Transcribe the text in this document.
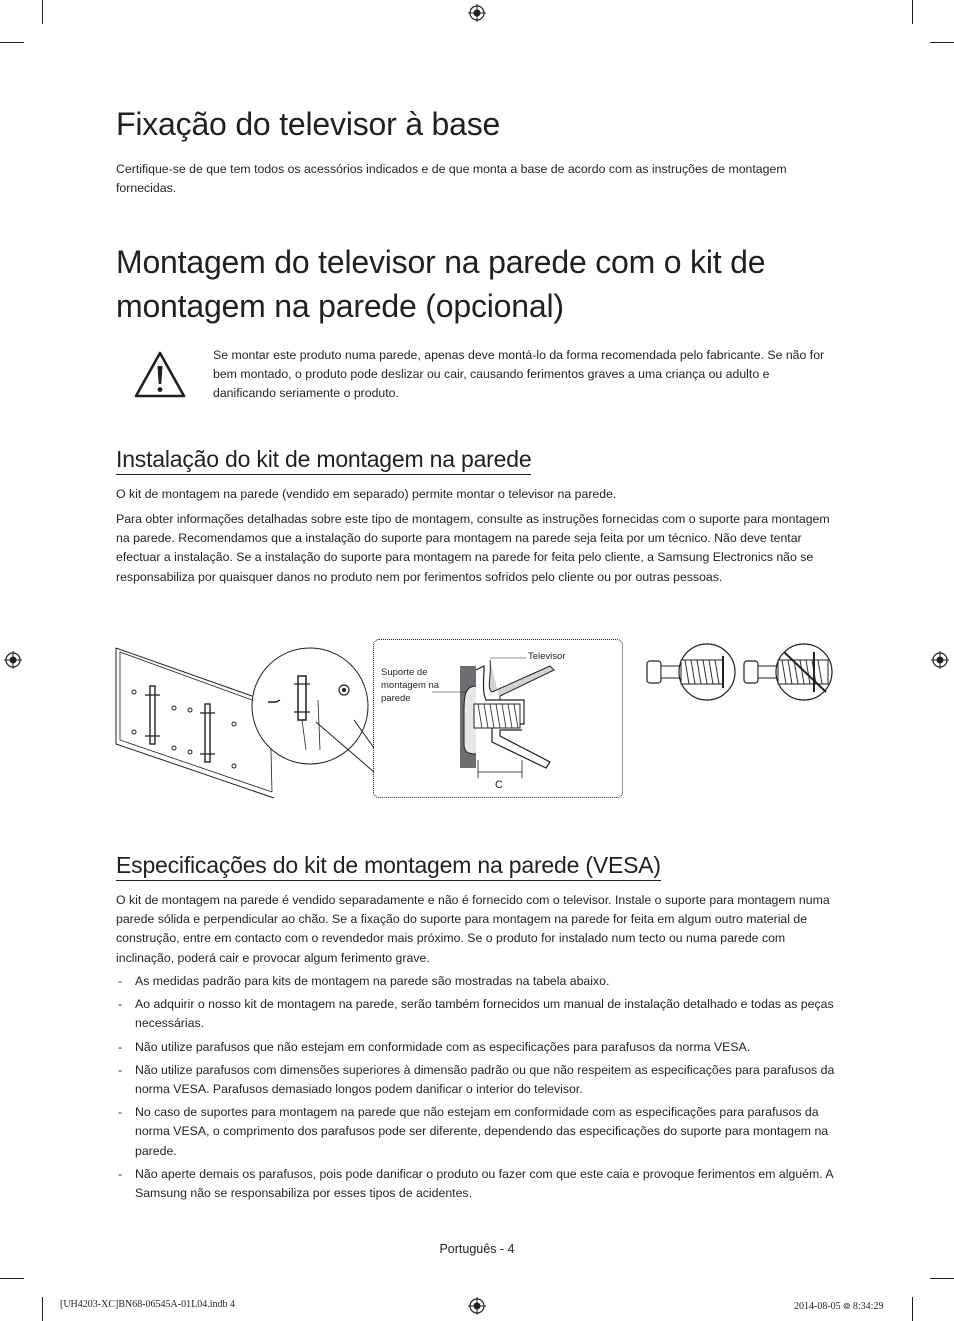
Fixação do televisor à base

Certifique-se de que tem todos os acessórios indicados e de que monta a base de acordo com as instruções de montagem fornecidas.

Montagem do televisor na parede com o kit de montagem na parede (opcional)

Se montar este produto numa parede, apenas deve montá-lo da forma recomendada pelo fabricante. Se não for bem montado, o produto pode deslizar ou cair, causando ferimentos graves a uma criança ou adulto e danificando seriamente o produto.

Instalação do kit de montagem na parede

O kit de montagem na parede (vendido em separado) permite montar o televisor na parede.

Para obter informações detalhadas sobre este tipo de montagem, consulte as instruções fornecidas com o suporte para montagem na parede. Recomendamos que a instalação do suporte para montagem na parede seja feita por um técnico. Não deve tentar efectuar a instalação. Se a instalação do suporte para montagem na parede for feita pelo cliente, a Samsung Electronics não se responsabiliza por quaisquer danos no produto nem por ferimentos sofridos pelo cliente ou por outras pessoas.

Televisor
Suporte de montagem na parede
C
Especificações do kit de montagem na parede (VESA)

O kit de montagem na parede é vendido separadamente e não é fornecido com o televisor. Instale o suporte para montagem numa parede sólida e perpendicular ao chão. Se a fixação do suporte para montagem na parede for feita em algum outro material de construção, entre em contacto com o revendedor mais próximo. Se o produto for instalado num tecto ou numa parede com inclinação, poderá cair e provocar algum ferimento grave.

- As medidas padrão para kits de montagem na parede são mostradas na tabela abaixo.
- Ao adquirir o nosso kit de montagem na parede, serão também fornecidos um manual de instalação detalhado e todas as peças necessárias.
- Não utilize parafusos que não estejam em conformidade com as especificações para parafusos da norma VESA.
- Não utilize parafusos com dimensões superiores à dimensão padrão ou que não respeitem as especificações para parafusos da norma VESA. Parafusos demasiado longos podem danificar o interior do televisor.
- No caso de suportes para montagem na parede que não estejam em conformidade com as especificações para parafusos da norma VESA, o comprimento dos parafusos pode ser diferente, dependendo das especificações do suporte para montagem na parede.
- Não aperte demais os parafusos, pois pode danificar o produto ou fazer com que este caia e provoque ferimentos em alguém. A Samsung não se responsabiliza por esses tipos de acidentes.
Português - 4
[UH4203-XC]BN68-06545A-01L04.indb 4	2014-08-05 ᪤ 8:34:29
